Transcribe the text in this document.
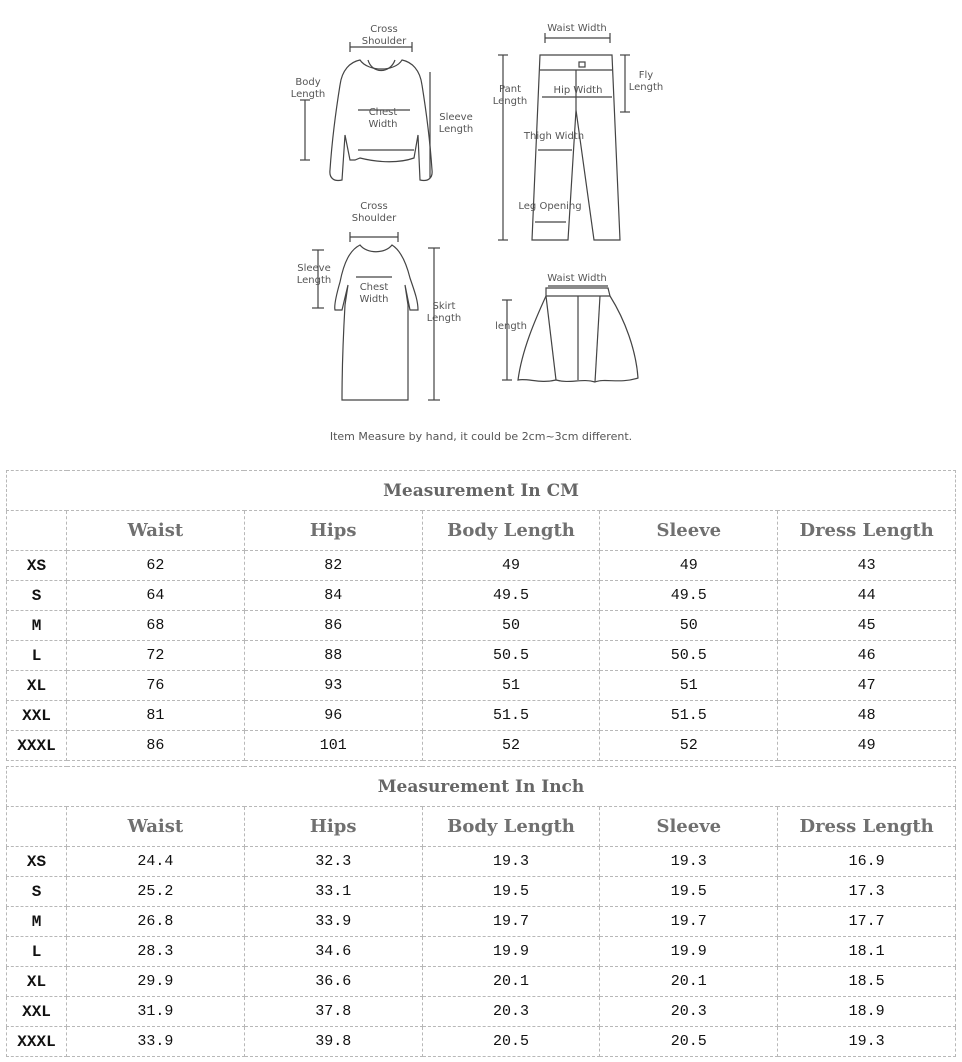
Cross
Shoulder
Body
Length
Chest
Width
Sleeve
Length
Waist Width
Pant
Length
Hip Width
Fly
Length
Thigh Width
Leg Opening
Cross
Shoulder
Sleeve
Length
Chest
Width
Skirt
Length
Waist Width
length
Item Measure by hand, it could be 2cm~3cm different.
Measurement In CM					
	Waist	Hips	Body Length	Sleeve	Dress Length
XS	62	82	49	49	43
S	64	84	49.5	49.5	44
M	68	86	50	50	45
L	72	88	50.5	50.5	46
XL	76	93	51	51	47
XXL	81	96	51.5	51.5	48
XXXL	86	101	52	52	49
Measurement In Inch					
	Waist	Hips	Body Length	Sleeve	Dress Length
XS	24.4	32.3	19.3	19.3	16.9
S	25.2	33.1	19.5	19.5	17.3
M	26.8	33.9	19.7	19.7	17.7
L	28.3	34.6	19.9	19.9	18.1
XL	29.9	36.6	20.1	20.1	18.5
XXL	31.9	37.8	20.3	20.3	18.9
XXXL	33.9	39.8	20.5	20.5	19.3
